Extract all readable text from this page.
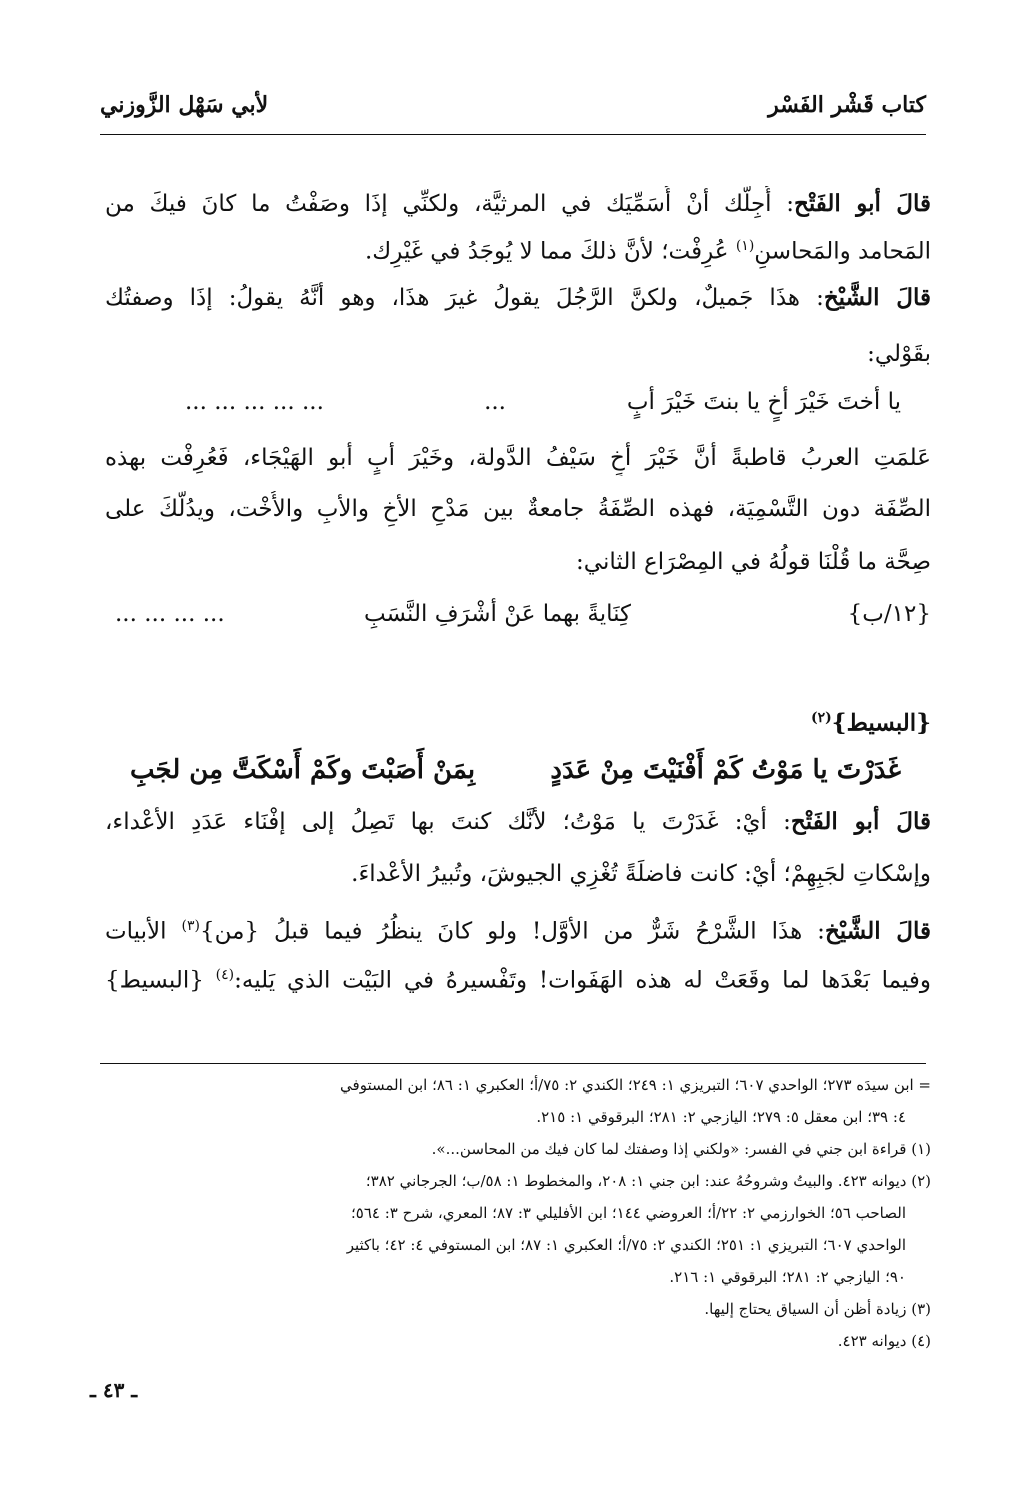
كتاب قَشْر الفَسْر
لأبي سَهْل الزَّوزني
قالَ أبو الفَتْح: أُجِلُّك أنْ أُسَمِّيَك في المرثيَّة، ولكنِّي إذَا وصَفْتُ ما كانَ فيكَ من
المَحامد والمَحاسنِ$^{(١)}$ عُرِفْت؛ لأنَّ ذلكَ مما لا يُوجَدُ في غَيْرِك.
قالَ الشَّيْخ: هذَا جَميلٌ، ولكنَّ الرَّجُلَ يقولُ غيرَ هذَا، وهو أنَّهُ يقولُ: إذَا وصفتُك
بقَوْلي:
يا أختَ خَيْرَ أخٍ يا بنتَ خَيْرَ أبٍ
...
... ... ... ... ...
عَلمَتِ العربُ قاطبةً أنَّ خَيْرَ أخٍ سَيْفُ الدَّولة، وخَيْرَ أبٍ أبو الهَيْجَاء، فَعُرِفْت بهذه
الصِّفَة دون التَّسْمِيَة، فهذه الصِّفَةُ جامعةٌ بين مَدْحِ الأخِ والأبِ والأُخْت، ويدُلُّكَ على
صِحَّة ما قُلْنَا قولُهُ في المِصْرَاع الثاني:
... ... ... ...	كِنَايةً بهما عَنْ أشْرَفِ النَّسَبِ	{١٢/ب}
{البسيط}$^{(٢)}$
غَدَرْتَ يا مَوْتُ كَمْ أَفْنَيْتَ مِنْ عَدَدٍ
بِمَنْ أَصَبْتَ وكَمْ أَسْكَتَّ مِن لجَبِ
قالَ أبو الفَتْح: أيْ: غَدَرْتَ يا مَوْتُ؛ لأنَّك كنتَ بها تَصِلُ إلى إفْنَاء عَدَدِ الأعْداء،
وإسْكاتِ لجَبِهِمْ؛ أيْ: كانت فاضلَةً تُغْزِي الجيوشَ، وتُبيرُ الأعْداءَ.
قالَ الشَّيْخ: هذَا الشَّرْحُ شَرٌّ من الأوَّل! ولو كانَ ينظُرُ فيما قبلُ {من}$^{(٣)}$ الأبيات
وفيما بَعْدَها لما وقَعَتْ له هذه الهَفَوات! وتَفْسيرهُ في البَيْت الذي يَليه:$^{(٤)}$ {البسيط}
= ابن سيدَه ٢٧٣؛ الواحدي ٦٠٧؛ التبريزي ١: ٢٤٩؛ الكندي ٢: ٧٥/أ؛ العكبري ١: ٨٦؛ ابن المستوفي
٤: ٣٩؛ ابن معقل ٥: ٢٧٩؛ اليازجي ٢: ٢٨١؛ البرقوقي ١: ٢١٥.
(١) قراءة ابن جني في الفسر: «ولكني إذا وصفتك لما كان فيك من المحاسن...».
(٢) ديوانه ٤٢٣. والبيتُ وشروحُهُ عند: ابن جني ١: ٢٠٨، والمخطوط ١: ٥٨/ب؛ الجرجاني ٣٨٢؛
الصاحب ٥٦؛ الخوارزمي ٢: ٢٢/أ؛ العروضي ١٤٤؛ ابن الأفليلي ٣: ٨٧؛ المعري، شرح ٣: ٥٦٤؛
الواحدي ٦٠٧؛ التبريزي ١: ٢٥١؛ الكندي ٢: ٧٥/أ؛ العكبري ١: ٨٧؛ ابن المستوفي ٤: ٤٢؛ باكثير
٩٠؛ اليازجي ٢: ٢٨١؛ البرقوقي ١: ٢١٦.
(٣) زيادة أظن أن السياق يحتاج إليها.
(٤) ديوانه ٤٢٣.
ـ ٤٣ ـ
